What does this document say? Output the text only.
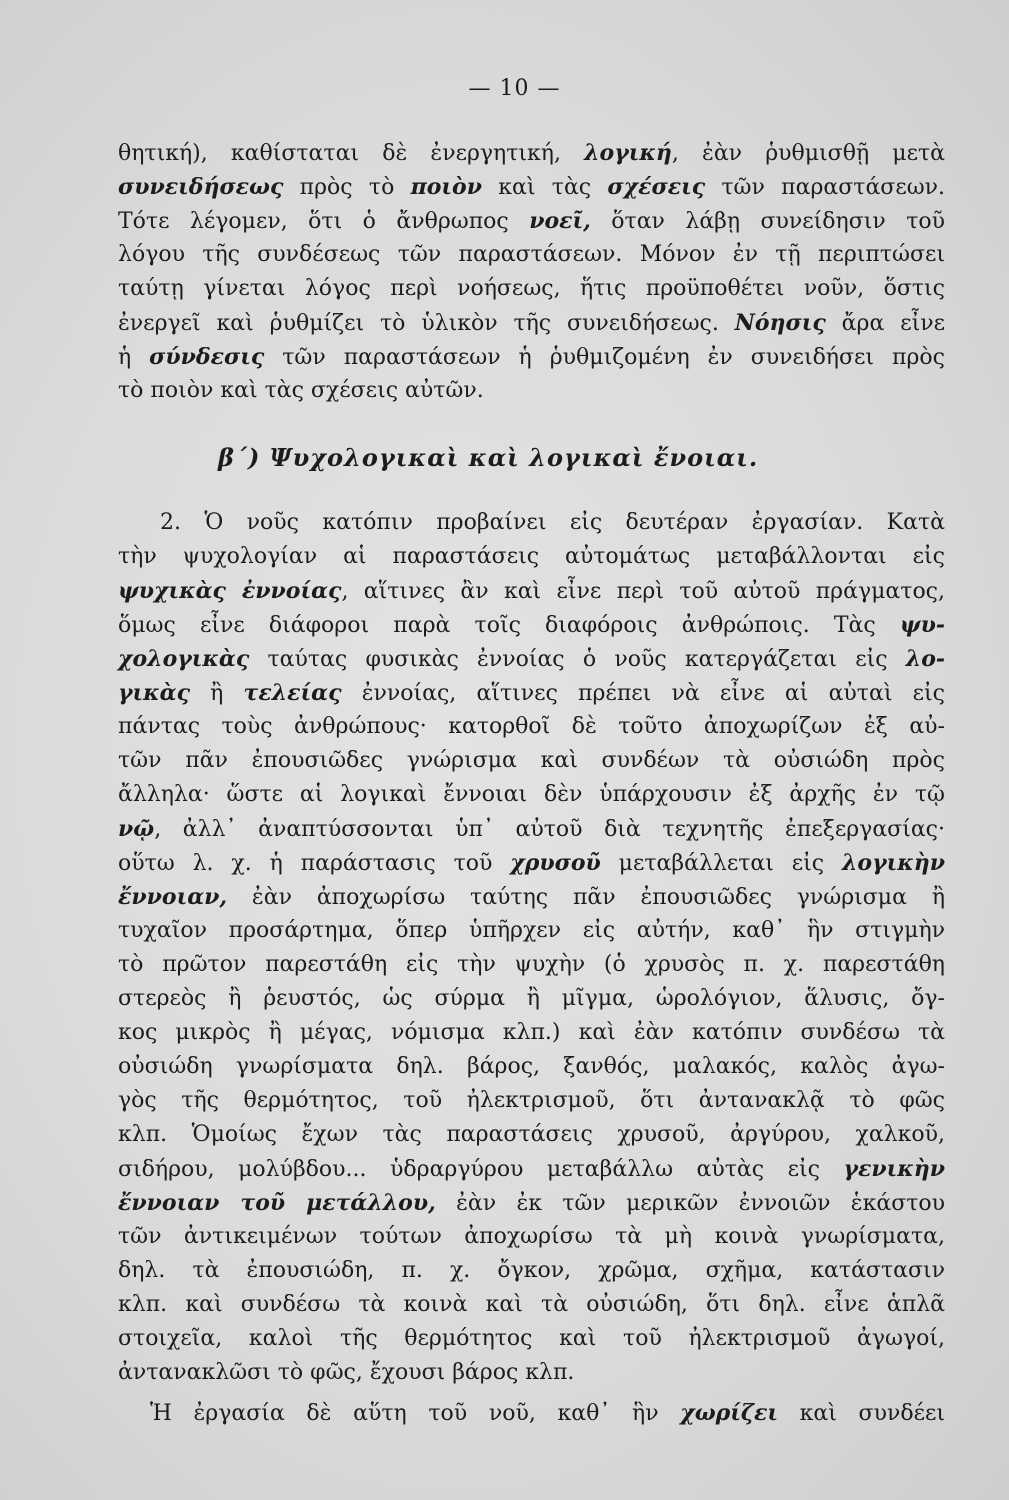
— 10 —
θητική), καθίσταται δὲ ἐνεργητική, λογική, ἐὰν ῥυθμισθῇ μετὰ
συνειδήσεως πρὸς τὸ ποιὸν καὶ τὰς σχέσεις τῶν παραστάσεων.
Τότε λέγομεν, ὅτι ὁ ἄνθρωπος νοεῖ, ὅταν λάβῃ συνείδησιν τοῦ
λόγου τῆς συνδέσεως τῶν παραστάσεων. Μόνον ἐν τῇ περιπτώσει
ταύτῃ γίνεται λόγος περὶ νοήσεως, ἥτις προϋποθέτει νοῦν, ὅστις
ἐνεργεῖ καὶ ῥυθμίζει τὸ ὑλικὸν τῆς συνειδήσεως. Νόησις ἄρα εἶνε
ἡ σύνδεσις τῶν παραστάσεων ἡ ῥυθμιζομένη ἐν συνειδήσει πρὸς
τὸ ποιὸν καὶ τὰς σχέσεις αὐτῶν.
β΄) Ψυχολογικαὶ καὶ λογικαὶ ἔνοιαι.
2. Ὁ νοῦς κατόπιν προβαίνει εἰς δευτέραν ἐργασίαν. Κατὰ
τὴν ψυχολογίαν αἱ παραστάσεις αὐτομάτως μεταβάλλονται εἰς
ψυχικὰς ἐννοίας, αἵτινες ἂν καὶ εἶνε περὶ τοῦ αὐτοῦ πράγματος,
ὅμως εἶνε διάφοροι παρὰ τοῖς διαφόροις ἀνθρώποις. Τὰς ψυ-
χολογικὰς ταύτας φυσικὰς ἐννοίας ὁ νοῦς κατεργάζεται εἰς λο-
γικὰς ἢ τελείας ἐννοίας, αἵτινες πρέπει νὰ εἶνε αἱ αὐταὶ εἰς
πάντας τοὺς ἀνθρώπους· κατορθοῖ δὲ τοῦτο ἀποχωρίζων ἐξ αὐ-
τῶν πᾶν ἐπουσιῶδες γνώρισμα καὶ συνδέων τὰ οὐσιώδη πρὸς
ἄλληλα· ὥστε αἱ λογικαὶ ἔννοιαι δὲν ὑπάρχουσιν ἐξ ἀρχῆς ἐν τῷ
νῷ, ἀλλ᾽ ἀναπτύσσονται ὑπ᾽ αὐτοῦ διὰ τεχνητῆς ἐπεξεργασίας·
οὕτω λ. χ. ἡ παράστασις τοῦ χρυσοῦ μεταβάλλεται εἰς λογικὴν
ἔννοιαν, ἐὰν ἀποχωρίσω ταύτης πᾶν ἐπουσιῶδες γνώρισμα ἢ
τυχαῖον προσάρτημα, ὅπερ ὑπῆρχεν εἰς αὐτήν, καθ᾽ ἣν στιγμὴν
τὸ πρῶτον παρεστάθη εἰς τὴν ψυχὴν (ὁ χρυσὸς π. χ. παρεστάθη
στερεὸς ἢ ῥευστός, ὡς σύρμα ἢ μῖγμα, ὡρολόγιον, ἅλυσις, ὄγ-
κος μικρὸς ἢ μέγας, νόμισμα κλπ.) καὶ ἐὰν κατόπιν συνδέσω τὰ
οὐσιώδη γνωρίσματα δηλ. βάρος, ξανθός, μαλακός, καλὸς ἀγω-
γὸς τῆς θερμότητος, τοῦ ἠλεκτρισμοῦ, ὅτι ἀντανακλᾷ τὸ φῶς
κλπ. Ὁμοίως ἔχων τὰς παραστάσεις χρυσοῦ, ἀργύρου, χαλκοῦ,
σιδήρου, μολύβδου... ὑδραργύρου μεταβάλλω αὐτὰς εἰς γενικὴν
ἔννοιαν τοῦ μετάλλου, ἐὰν ἐκ τῶν μερικῶν ἐννοιῶν ἑκάστου
τῶν ἀντικειμένων τούτων ἀποχωρίσω τὰ μὴ κοινὰ γνωρίσματα,
δηλ. τὰ ἐπουσιώδη, π. χ. ὄγκον, χρῶμα, σχῆμα, κατάστασιν
κλπ. καὶ συνδέσω τὰ κοινὰ καὶ τὰ οὐσιώδη, ὅτι δηλ. εἶνε ἁπλᾶ
στοιχεῖα, καλοὶ τῆς θερμότητος καὶ τοῦ ἠλεκτρισμοῦ ἀγωγοί,
ἀντανακλῶσι τὸ φῶς, ἔχουσι βάρος κλπ.
Ἡ ἐργασία δὲ αὕτη τοῦ νοῦ, καθ᾽ ἣν χωρίζει καὶ συνδέει
